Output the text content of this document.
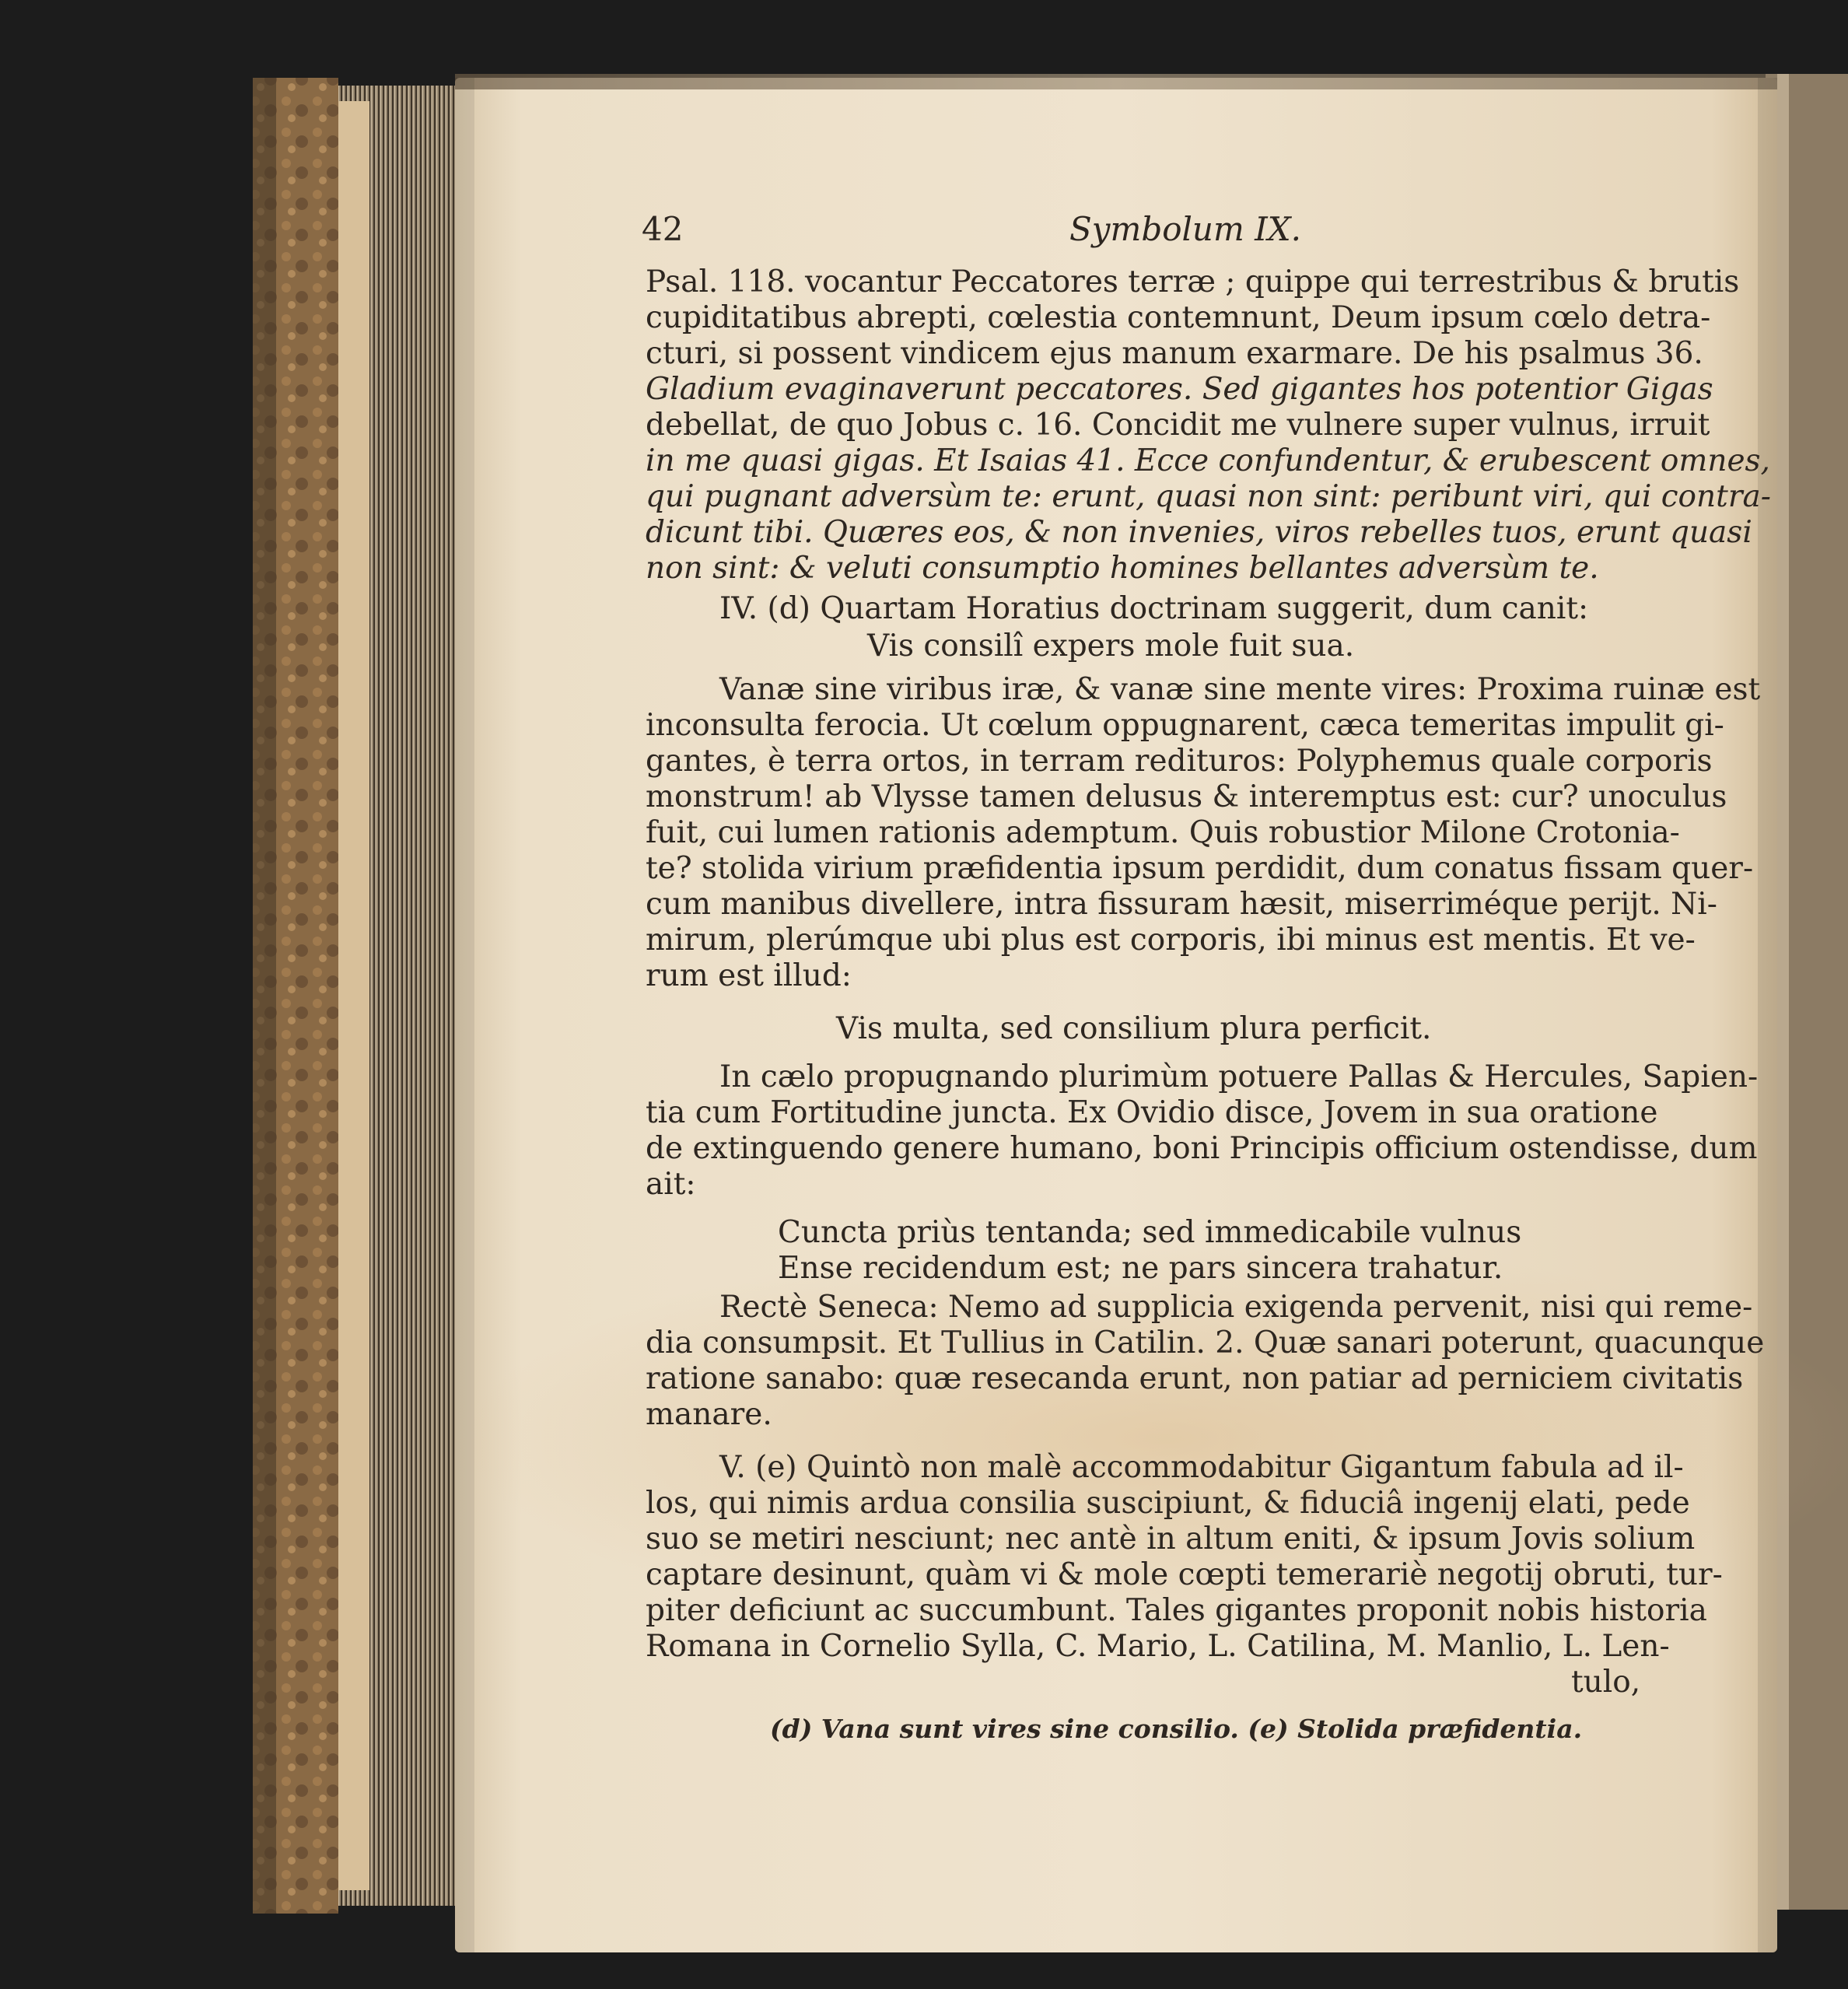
42	Symbolum IX.
Psal. 118. vocantur Peccatores terræ ; quippe qui terrestribus & brutis
cupiditatibus abrepti, cœlestia contemnunt, Deum ipsum cœlo detra-
cturi, si possent vindicem ejus manum exarmare. De his psalmus 36.
Gladium evaginaverunt peccatores. Sed gigantes hos potentior Gigas
debellat, de quo Jobus c. 16. Concidit me vulnere super vulnus, irruit
in me quasi gigas. Et Isaias 41. Ecce confundentur, & erubescent omnes,
qui pugnant adversùm te: erunt, quasi non sint: peribunt viri, qui contra-
dicunt tibi. Quæres eos, & non invenies, viros rebelles tuos, erunt quasi
non sint: & veluti consumptio homines bellantes adversùm te.
IV. (d) Quartam Horatius doctrinam suggerit, dum canit:
Vis consilî expers mole fuit sua.
Vanæ sine viribus iræ, & vanæ sine mente vires: Proxima ruinæ est
inconsulta ferocia. Ut cœlum oppugnarent, cæca temeritas impulit gi-
gantes, è terra ortos, in terram redituros: Polyphemus quale corporis
monstrum! ab Vlysse tamen delusus & interemptus est: cur? unoculus
fuit, cui lumen rationis ademptum. Quis robustior Milone Crotonia-
te? stolida virium præfidentia ipsum perdidit, dum conatus fissam quer-
cum manibus divellere, intra fissuram hæsit, miserriméque perijt. Ni-
mirum, plerúmque ubi plus est corporis, ibi minus est mentis. Et ve-
rum est illud:
Vis multa, sed consilium plura perficit.
In cælo propugnando plurimùm potuere Pallas & Hercules, Sapien-
tia cum Fortitudine juncta. Ex Ovidio disce, Jovem in sua oratione
de extinguendo genere humano, boni Principis officium ostendisse, dum
ait:
Cuncta priùs tentanda; sed immedicabile vulnus
Ense recidendum est; ne pars sincera trahatur.
Rectè Seneca: Nemo ad supplicia exigenda pervenit, nisi qui reme-
dia consumpsit. Et Tullius in Catilin. 2. Quæ sanari poterunt, quacunque
ratione sanabo: quæ resecanda erunt, non patiar ad perniciem civitatis
manare.
V. (e) Quintò non malè accommodabitur Gigantum fabula ad il-
los, qui nimis ardua consilia suscipiunt, & fiduciâ ingenij elati, pede
suo se metiri nesciunt; nec antè in altum eniti, & ipsum Jovis solium
captare desinunt, quàm vi & mole cœpti temerariè negotij obruti, tur-
piter deficiunt ac succumbunt. Tales gigantes proponit nobis historia
Romana in Cornelio Sylla, C. Mario, L. Catilina, M. Manlio, L. Len-
tulo,
(d) Vana sunt vires sine consilio. (e) Stolida præfidentia.
